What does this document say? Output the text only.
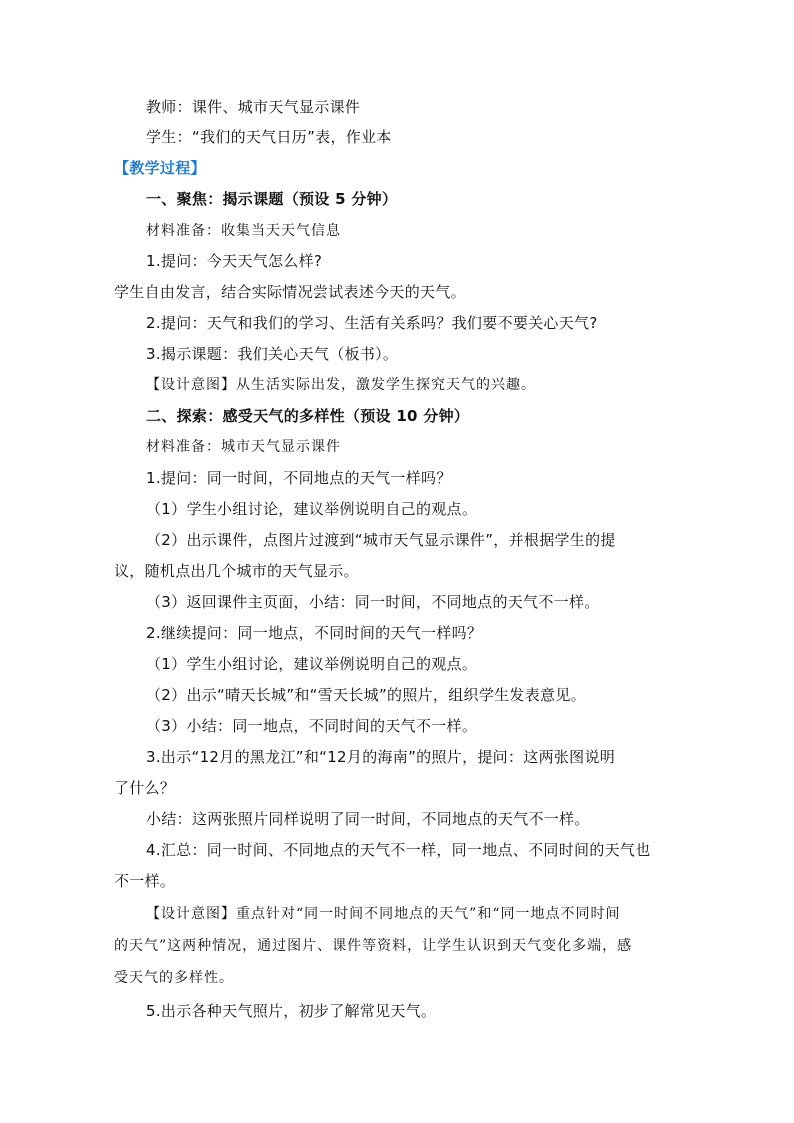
教师：课件、城市天气显示课件
学生：“我们的天气日历”表，作业本
【教学过程】
一、聚焦：揭示课题（预设 5 分钟）
材料准备：收集当天天气信息
1.提问：今天天气怎么样?
学生自由发言，结合实际情况尝试表述今天的天气。
2.提问：天气和我们的学习、生活有关系吗？我们要不要关心天气?
3.揭示课题：我们关心天气（板书）。
【设计意图】从生活实际出发，激发学生探究天气的兴趣。
二、探索：感受天气的多样性（预设 10 分钟）
材料准备：城市天气显示课件
1.提问：同一时间，不同地点的天气一样吗？
（1）学生小组讨论，建议举例说明自己的观点。
（2）出示课件，点图片过渡到“城市天气显示课件”，并根据学生的提
议，随机点出几个城市的天气显示。
（3）返回课件主页面，小结：同一时间，不同地点的天气不一样。
2.继续提问：同一地点，不同时间的天气一样吗？
（1）学生小组讨论，建议举例说明自己的观点。
（2）出示“晴天长城”和“雪天长城”的照片，组织学生发表意见。
（3）小结：同一地点，不同时间的天气不一样。
3.出示“12月的黑龙江”和“12月的海南”的照片，提问：这两张图说明
了什么？
小结：这两张照片同样说明了同一时间，不同地点的天气不一样。
4.汇总：同一时间、不同地点的天气不一样，同一地点、不同时间的天气也
不一样。
【设计意图】重点针对“同一时间不同地点的天气”和“同一地点不同时间
的天气”这两种情况，通过图片、课件等资料，让学生认识到天气变化多端，感
受天气的多样性。
5.出示各种天气照片，初步了解常见天气。
